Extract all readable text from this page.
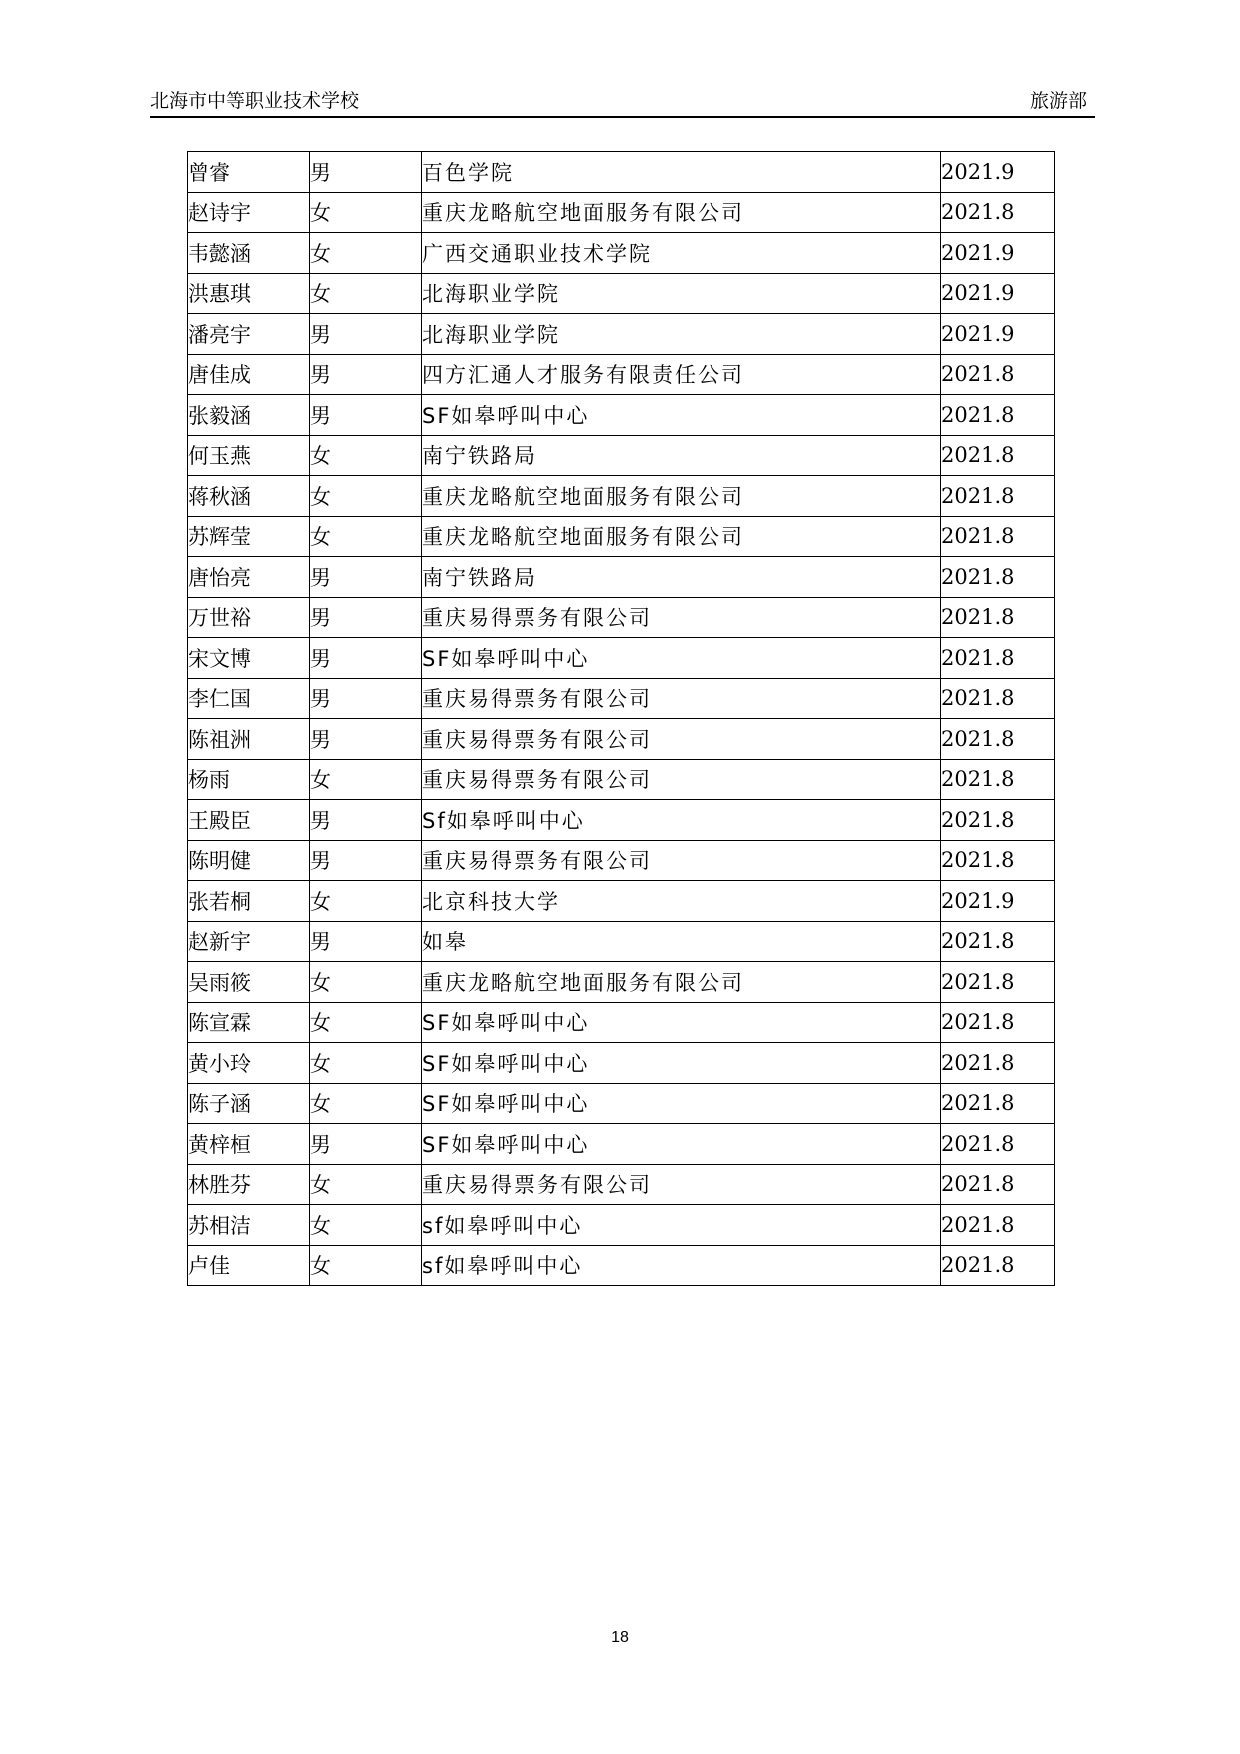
北海市中等职业技术学校	旅游部
曾睿	男	百色学院	2021.9
赵诗宇	女	重庆龙略航空地面服务有限公司	2021.8
韦懿涵	女	广西交通职业技术学院	2021.9
洪惠琪	女	北海职业学院	2021.9
潘亮宇	男	北海职业学院	2021.9
唐佳成	男	四方汇通人才服务有限责任公司	2021.8
张毅涵	男	SF如皋呼叫中心	2021.8
何玉燕	女	南宁铁路局	2021.8
蒋秋涵	女	重庆龙略航空地面服务有限公司	2021.8
苏辉莹	女	重庆龙略航空地面服务有限公司	2021.8
唐怡亮	男	南宁铁路局	2021.8
万世裕	男	重庆易得票务有限公司	2021.8
宋文博	男	SF如皋呼叫中心	2021.8
李仁国	男	重庆易得票务有限公司	2021.8
陈祖洲	男	重庆易得票务有限公司	2021.8
杨雨	女	重庆易得票务有限公司	2021.8
王殿臣	男	Sf如皋呼叫中心	2021.8
陈明健	男	重庆易得票务有限公司	2021.8
张若桐	女	北京科技大学	2021.9
赵新宇	男	如皋	2021.8
吴雨筱	女	重庆龙略航空地面服务有限公司	2021.8
陈宣霖	女	SF如皋呼叫中心	2021.8
黄小玲	女	SF如皋呼叫中心	2021.8
陈子涵	女	SF如皋呼叫中心	2021.8
黄梓桓	男	SF如皋呼叫中心	2021.8
林胜芬	女	重庆易得票务有限公司	2021.8
苏相洁	女	sf如皋呼叫中心	2021.8
卢佳	女	sf如皋呼叫中心	2021.8
18
